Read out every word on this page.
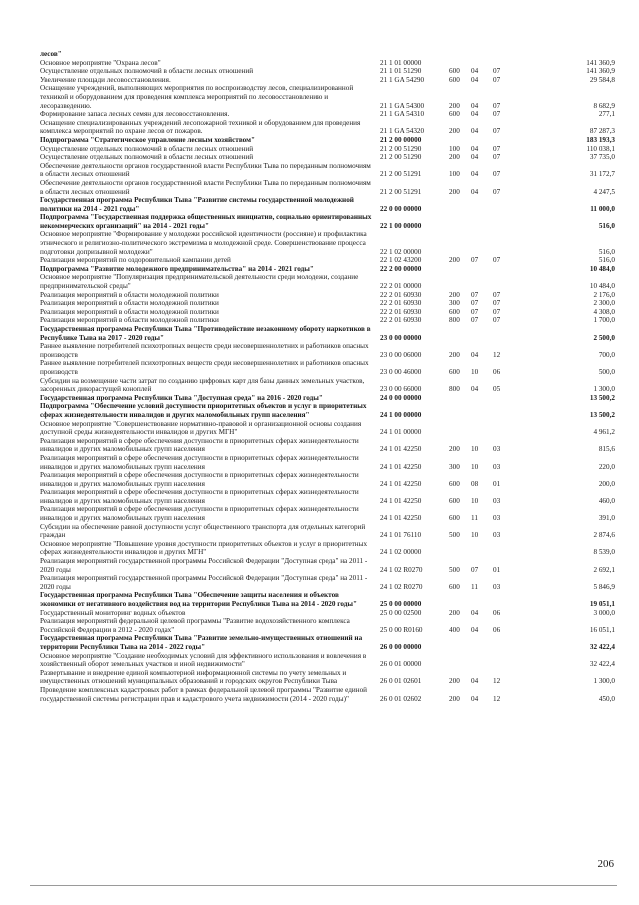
лесов"
Основное мероприятие "Охрана лесов"	21 1 01 00000	141 360,9
Осуществление отдельных полномочий в области лесных отношений	21 1 01 51290	600	04	07	141 360,9
Увеличение площади лесовосстановления.	21 1 GA 54290	600	04	07	29 584,8
Оснащение учреждений, выполняющих мероприятия по воспроизводству лесов, специализированной техникой и оборудованием для проведения комплекса мероприятий по лесовосстановлению и лесоразведению.	21 1 GA 54300	200	04	07	8 682,9
Формирование запаса лесных семян для лесовосстановления.	21 1 GA 54310	600	04	07	277,1
Оснащение специализированных учреждений лесопожарной техникой и оборудованием для проведения комплекса мероприятий по охране лесов от пожаров.	21 1 GA 54320	200	04	07	87 287,3
Подпрограмма "Стратегическое управление лесным хозяйством"	21 2 00 00000	183 193,3
Осуществление отдельных полномочий в области лесных отношений	21 2 00 51290	100	04	07	110 038,1
Осуществление отдельных полномочий в области лесных отношений	21 2 00 51290	200	04	07	37 735,0
Обеспечение деятельности органов государственной власти Республики Тыва по переданным полномочиям в области лесных отношений	21 2 00 51291	100	04	07	31 172,7
Обеспечение деятельности органов государственной власти Республики Тыва по переданным полномочиям в области лесных отношений	21 2 00 51291	200	04	07	4 247,5
Государственная программа Республики Тыва "Развитие системы государственной молодежной политики на 2014 - 2021 годы"	22 0 00 00000	11 000,0
Подпрограмма "Государственная поддержка общественных инициатив, социально ориентированных некоммерческих организаций" на 2014 - 2021 годы"	22 1 00 00000	516,0
Основное мероприятие "Формирование у молодежи российской идентичности (россияне) и профилактика этнического и религиозно-политического экстремизма в молодежной среде. Совершенствование процесса подготовки допризывной молодежи"	22 1 02 00000	516,0
Реализация мероприятий по оздоровительной кампании детей	22 1 02 43200	200	07	07	516,0
Подпрограмма "Развитие молодежного предпринимательства" на 2014 - 2021 годы"	22 2 00 00000	10 484,0
Основное мероприятие "Популяризация предпринимательской деятельности среди молодежи, создание предпринимательской среды"	22 2 01 00000	10 484,0
Реализация мероприятий в области молодежной политики	22 2 01 60930	200	07	07	2 176,0
Реализация мероприятий в области молодежной политики	22 2 01 60930	300	07	07	2 300,0
Реализация мероприятий в области молодежной политики	22 2 01 60930	600	07	07	4 308,0
Реализация мероприятий в области молодежной политики	22 2 01 60930	800	07	07	1 700,0
Государственная программа Республики Тыва "Противодействие незаконному обороту наркотиков в Республике Тыва на 2017 - 2020 годы"	23 0 00 00000	2 500,0
Раннее выявление потребителей психотропных веществ среди несовершеннолетних и работников опасных производств	23 0 00 06000	200	04	12	700,0
Раннее выявление потребителей психотропных веществ среди несовершеннолетних и работников опасных производств	23 0 00 46000	600	10	06	500,0
Субсидии на возмещение части затрат по созданию цифровых карт для базы данных земельных участков, засоренных дикорастущей коноплей	23 0 00 66000	800	04	05	1 300,0
Государственная программа Республики Тыва "Доступная среда" на 2016 - 2020 годы"	24 0 00 00000	13 500,2
Подпрограмма "Обеспечение условий доступности приоритетных объектов и услуг в приоритетных сферах жизнедеятельности инвалидов и других маломобильных групп населения"	24 1 00 00000	13 500,2
Основное мероприятие "Совершенствование нормативно-правовой и организационной основы создания доступной среды жизнедеятельности инвалидов и других МГН"	24 1 01 00000	4 961,2
Реализация мероприятий в сфере обеспечения доступности в приоритетных сферах жизнедеятельности инвалидов и других маломобильных групп населения	24 1 01 42250	200	10	03	815,6
Реализация мероприятий в сфере обеспечения доступности в приоритетных сферах жизнедеятельности инвалидов и других маломобильных групп населения	24 1 01 42250	300	10	03	220,0
Реализация мероприятий в сфере обеспечения доступности в приоритетных сферах жизнедеятельности инвалидов и других маломобильных групп населения	24 1 01 42250	600	08	01	200,0
Реализация мероприятий в сфере обеспечения доступности в приоритетных сферах жизнедеятельности инвалидов и других маломобильных групп населения	24 1 01 42250	600	10	03	460,0
Реализация мероприятий в сфере обеспечения доступности в приоритетных сферах жизнедеятельности инвалидов и других маломобильных групп населения	24 1 01 42250	600	11	03	391,0
Субсидии на обеспечение равной доступности услуг общественного транспорта для отдельных категорий граждан	24 1 01 76110	500	10	03	2 874,6
Основное мероприятие "Повышение уровня доступности приоритетных объектов и услуг в приоритетных сферах жизнедеятельности инвалидов и других МГН"	24 1 02 00000	8 539,0
Реализация мероприятий государственной программы Российской Федерации "Доступная среда" на 2011 - 2020 годы	24 1 02 R0270	500	07	01	2 692,1
Реализация мероприятий государственной программы Российской Федерации "Доступная среда" на 2011 - 2020 годы	24 1 02 R0270	600	11	03	5 846,9
Государственная программа Республики Тыва "Обеспечение защиты населения и объектов экономики от негативного воздействия вод на территории Республики Тыва на 2014 - 2020 годы"	25 0 00 00000	19 051,1
Государственный мониторинг водных объектов	25 0 00 02500	200	04	06	3 000,0
Реализация мероприятий федеральной целевой программы "Развитие водохозяйственного комплекса Российской Федерации в 2012 - 2020 годах"	25 0 00 R0160	400	04	06	16 051,1
Государственная программа Республики Тыва "Развитие земельно-имущественных отношений на территории Республики Тыва на 2014 - 2022 годы"	26 0 00 00000	32 422,4
Основное мероприятие "Создание необходимых условий для эффективного использования и вовлечения в хозяйственный оборот земельных участков и иной недвижимости"	26 0 01 00000	32 422,4
Развертывание и внедрение единой компьютерной информационной системы по учету земельных и имущественных отношений муниципальных образований и городских округов Республики Тыва	26 0 01 02601	200	04	12	1 300,0
Проведение комплексных кадастровых работ в рамках федеральной целевой программы "Развитие единой государственной системы регистрации прав и кадастрового учета недвижимости (2014 - 2020 годы)"	26 0 01 02602	200	04	12	450,0
206
